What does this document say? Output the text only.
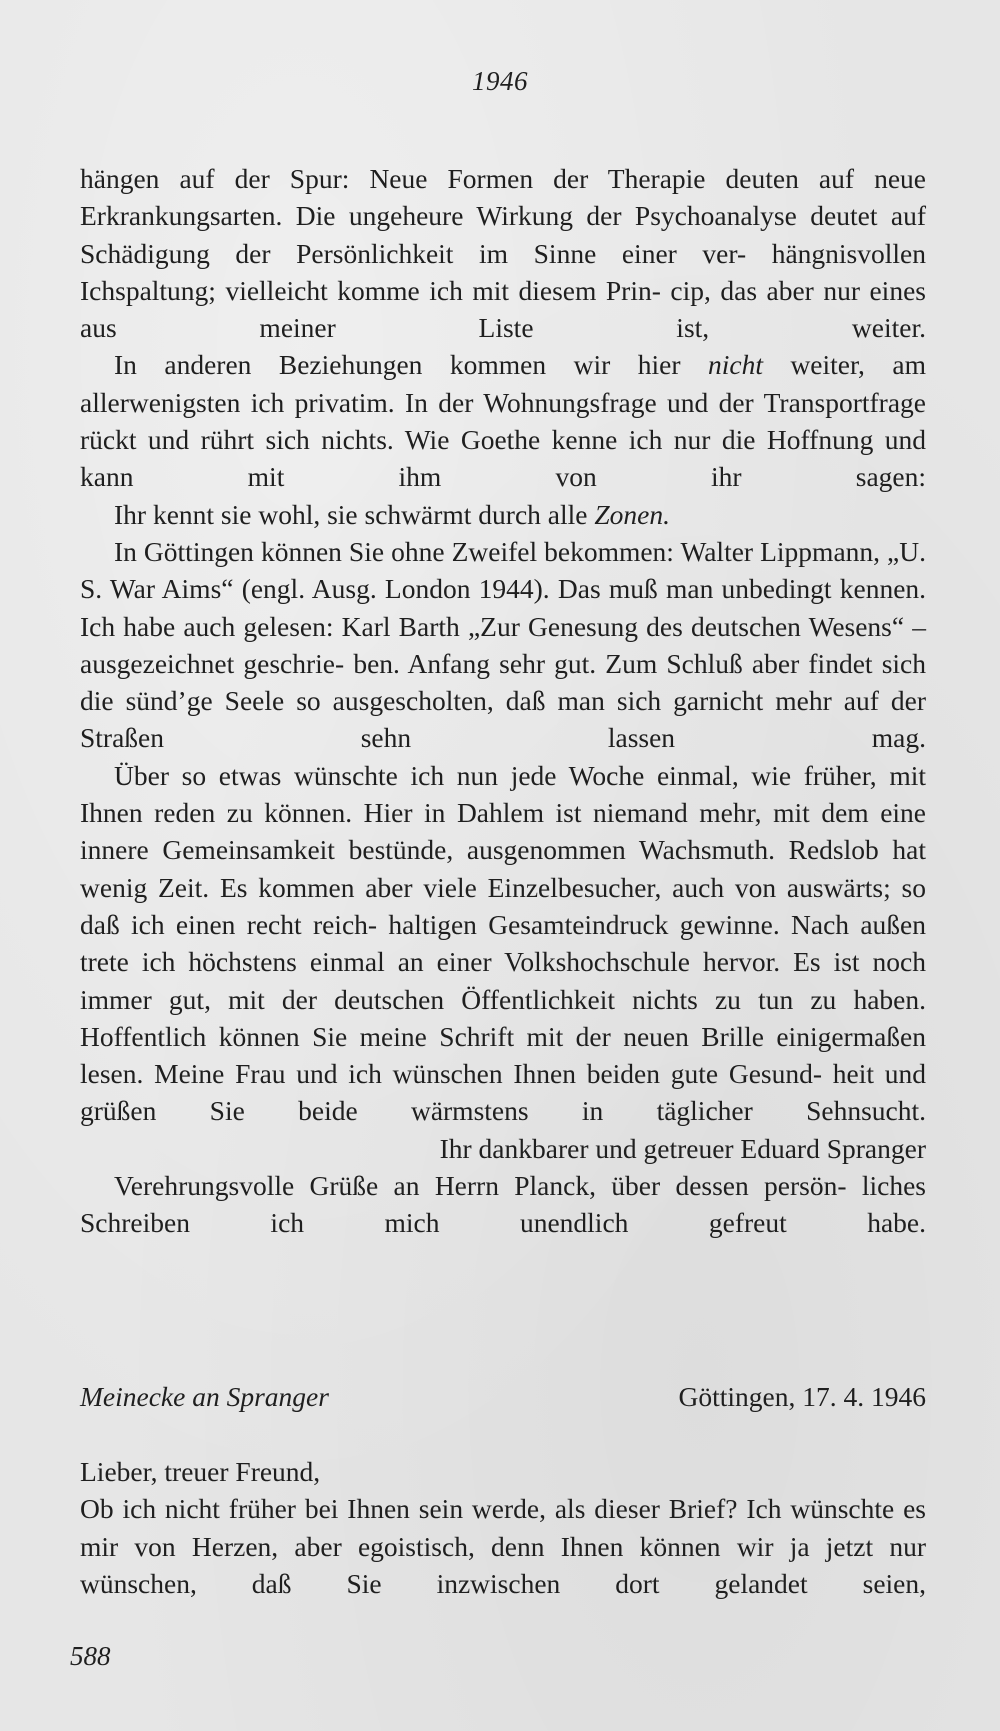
1946

hängen auf der Spur: Neue Formen der Therapie deuten auf neue Erkrankungsarten. Die ungeheure Wirkung der Psychoanalyse deutet auf Schädigung der Persönlichkeit im Sinne einer ver- hängnisvollen Ichspaltung; vielleicht komme ich mit diesem Prin- cip, das aber nur eines aus meiner Liste ist, weiter.

In anderen Beziehungen kommen wir hier nicht weiter, am allerwenigsten ich privatim. In der Wohnungsfrage und der Transportfrage rückt und rührt sich nichts. Wie Goethe kenne ich nur die Hoffnung und kann mit ihm von ihr sagen:

Ihr kennt sie wohl, sie schwärmt durch alle Zonen.

In Göttingen können Sie ohne Zweifel bekommen: Walter Lippmann, „U. S. War Aims“ (engl. Ausg. London 1944). Das muß man unbedingt kennen. Ich habe auch gelesen: Karl Barth „Zur Genesung des deutschen Wesens“ – ausgezeichnet geschrie- ben. Anfang sehr gut. Zum Schluß aber findet sich die sünd’ge Seele so ausgescholten, daß man sich garnicht mehr auf der Straßen sehn lassen mag.

Über so etwas wünschte ich nun jede Woche einmal, wie früher, mit Ihnen reden zu können. Hier in Dahlem ist niemand mehr, mit dem eine innere Gemeinsamkeit bestünde, ausgenommen Wachsmuth. Redslob hat wenig Zeit. Es kommen aber viele Einzelbesucher, auch von auswärts; so daß ich einen recht reich- haltigen Gesamteindruck gewinne. Nach außen trete ich höchstens einmal an einer Volkshochschule hervor. Es ist noch immer gut, mit der deutschen Öffentlichkeit nichts zu tun zu haben. Hoffentlich können Sie meine Schrift mit der neuen Brille einigermaßen lesen. Meine Frau und ich wünschen Ihnen beiden gute Gesund- heit und grüßen Sie beide wärmstens in täglicher Sehnsucht.

Ihr dankbarer und getreuer Eduard Spranger

Verehrungsvolle Grüße an Herrn Planck, über dessen persön- liches Schreiben ich mich unendlich gefreut habe.

Meinecke an Spranger	Göttingen, 17. 4. 1946

Lieber, treuer Freund,

Ob ich nicht früher bei Ihnen sein werde, als dieser Brief? Ich wünschte es mir von Herzen, aber egoistisch, denn Ihnen können wir ja jetzt nur wünschen, daß Sie inzwischen dort gelandet seien,

588
